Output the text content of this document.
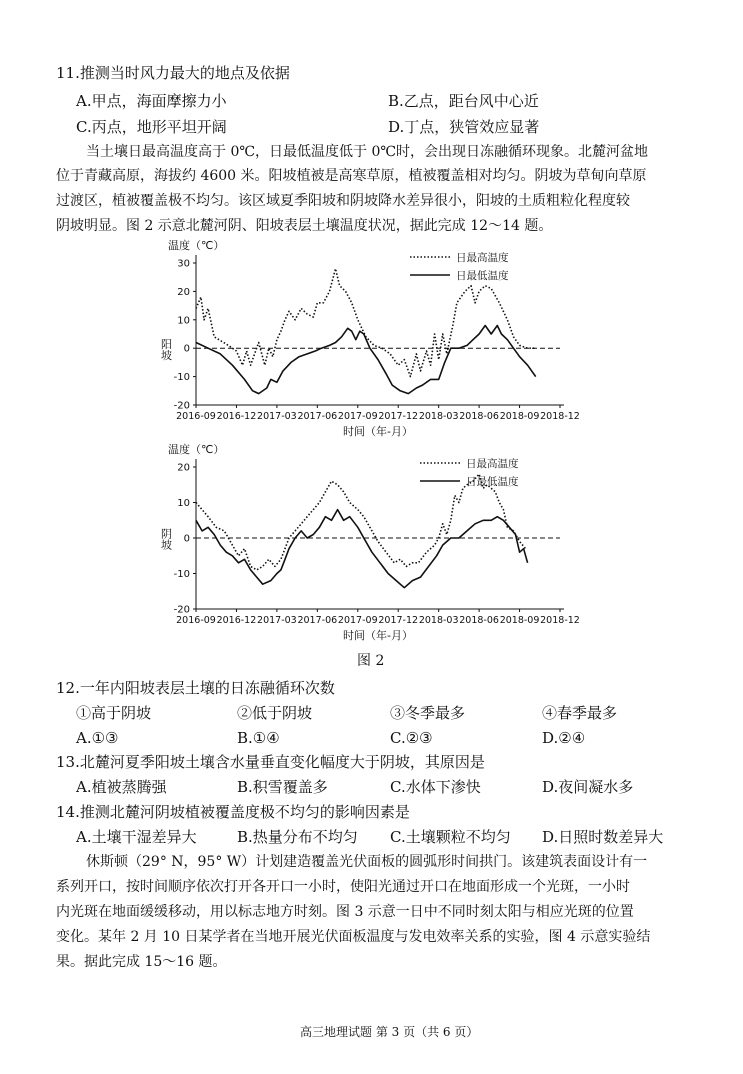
11.推测当时风力最大的地点及依据
A.甲点，海面摩擦力小	B.乙点，距台风中心近
C.丙点，地形平坦开阔	D.丁点，狭管效应显著
当土壤日最高温度高于 0℃，日最低温度低于 0℃时，会出现日冻融循环现象。北麓河盆地
位于青藏高原，海拔约 4600 米。阳坡植被是高寒草原，植被覆盖相对均匀。阴坡为草甸向草原
过渡区，植被覆盖极不均匀。该区域夏季阳坡和阴坡降水差异很小，阳坡的土质粗粒化程度较
阴坡明显。图 2 示意北麓河阴、阳坡表层土壤温度状况，据此完成 12～14 题。
温度（℃）
30
20
10
0
-10
-20
2016-09 2016-12 2017-03 2017-06 2017-09 2017-12 2018-03 2018-06 2018-09 2018-12
时间（年-月）
阳坡
日最高温度
日最低温度
温度（℃）
20
10
0
-10
-20
2016-09 2016-12 2017-03 2017-06 2017-09 2017-12 2018-03 2018-06 2018-09 2018-12
时间（年-月）
阴坡
日最高温度
日最低温度
图 2
12.一年内阳坡表层土壤的日冻融循环次数
①高于阴坡	②低于阴坡	③冬季最多	④春季最多
A.①③	B.①④	C.②③	D.②④
13.北麓河夏季阳坡土壤含水量垂直变化幅度大于阴坡，其原因是
A.植被蒸腾强	B.积雪覆盖多	C.水体下渗快	D.夜间凝水多
14.推测北麓河阴坡植被覆盖度极不均匀的影响因素是
A.土壤干湿差异大	B.热量分布不均匀 C.土壤颗粒不均匀 D.日照时数差异大
休斯顿（29° N，95° W）计划建造覆盖光伏面板的圆弧形时间拱门。该建筑表面设计有一
系列开口，按时间顺序依次打开各开口一小时，使阳光通过开口在地面形成一个光斑，一小时
内光斑在地面缓缓移动，用以标志地方时刻。图 3 示意一日中不同时刻太阳与相应光斑的位置
变化。某年 2 月 10 日某学者在当地开展光伏面板温度与发电效率关系的实验，图 4 示意实验结
果。据此完成 15～16 题。
高三地理试题 第 3 页（共 6 页）
